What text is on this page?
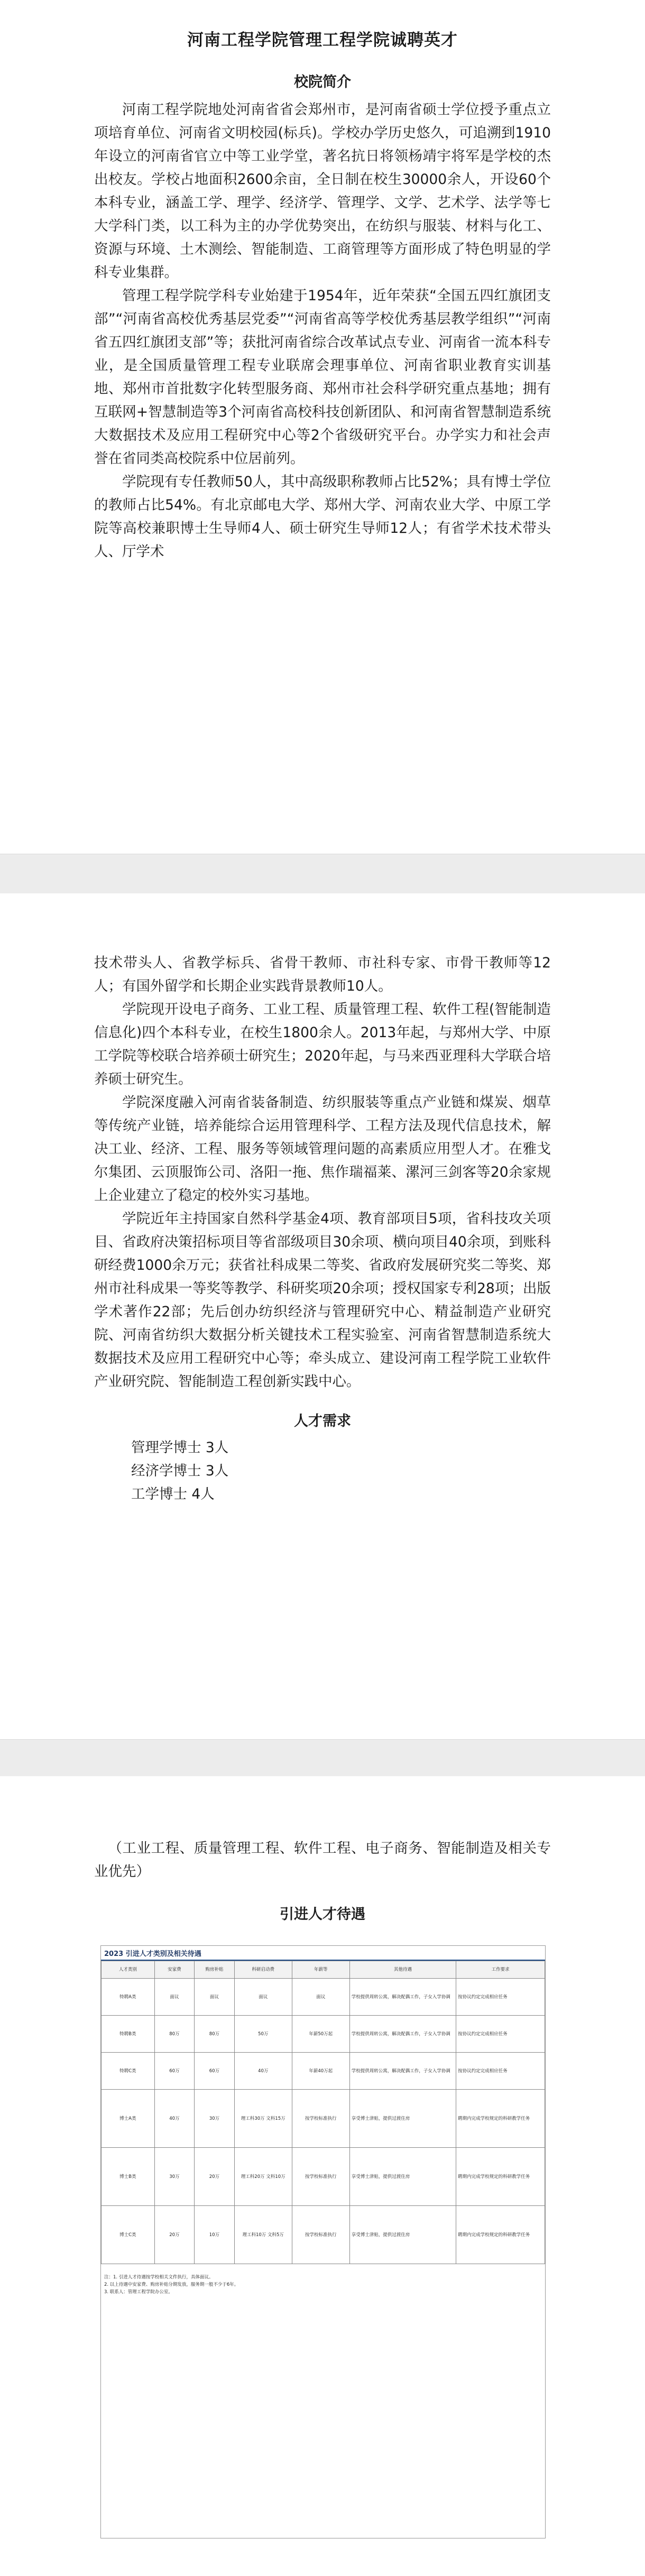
河南工程学院管理工程学院诚聘英才
校院简介

河南工程学院地处河南省省会郑州市，是河南省硕士学位授予重点立项培育单位、河南省文明校园(标兵)。学校办学历史悠久，可追溯到1910年设立的河南省官立中等工业学堂，著名抗日将领杨靖宇将军是学校的杰出校友。学校占地面积2600余亩，全日制在校生30000余人，开设60个本科专业，涵盖工学、理学、经济学、管理学、文学、艺术学、法学等七大学科门类，以工科为主的办学优势突出，在纺织与服装、材料与化工、资源与环境、土木测绘、智能制造、工商管理等方面形成了特色明显的学科专业集群。

管理工程学院学科专业始建于1954年，近年荣获“全国五四红旗团支部”“河南省高校优秀基层党委”“河南省高等学校优秀基层教学组织”“河南省五四红旗团支部”等；获批河南省综合改革试点专业、河南省一流本科专业，是全国质量管理工程专业联席会理事单位、河南省职业教育实训基地、郑州市首批数字化转型服务商、郑州市社会科学研究重点基地；拥有互联网+智慧制造等3个河南省高校科技创新团队、和河南省智慧制造系统大数据技术及应用工程研究中心等2个省级研究平台。办学实力和社会声誉在省同类高校院系中位居前列。

学院现有专任教师50人，其中高级职称教师占比52%；具有博士学位的教师占比54%。有北京邮电大学、郑州大学、河南农业大学、中原工学院等高校兼职博士生导师4人、硕士研究生导师12人；有省学术技术带头人、厅学术

技术带头人、省教学标兵、省骨干教师、市社科专家、市骨干教师等12人；有国外留学和长期企业实践背景教师10人。

学院现开设电子商务、工业工程、质量管理工程、软件工程(智能制造信息化)四个本科专业，在校生1800余人。2013年起，与郑州大学、中原工学院等校联合培养硕士研究生；2020年起，与马来西亚理科大学联合培养硕士研究生。

学院深度融入河南省装备制造、纺织服装等重点产业链和煤炭、烟草等传统产业链，培养能综合运用管理科学、工程方法及现代信息技术，解决工业、经济、工程、服务等领域管理问题的高素质应用型人才。在雅戈尔集团、云顶服饰公司、洛阳一拖、焦作瑞福莱、漯河三剑客等20余家规上企业建立了稳定的校外实习基地。

学院近年主持国家自然科学基金4项、教育部项目5项，省科技攻关项目、省政府决策招标项目等省部级项目30余项、横向项目40余项，到账科研经费1000余万元；获省社科成果二等奖、省政府发展研究奖二等奖、郑州市社科成果一等奖等教学、科研奖项20余项；授权国家专利28项；出版学术著作22部；先后创办纺织经济与管理研究中心、精益制造产业研究院、河南省纺织大数据分析关键技术工程实验室、河南省智慧制造系统大数据技术及应用工程研究中心等；牵头成立、建设河南工程学院工业软件产业研究院、智能制造工程创新实践中心。

人才需求
管理学博士 3人
经济学博士 3人
工学博士 4人

（工业工程、质量管理工程、软件工程、电子商务、智能制造及相关专业优先）

引进人才待遇
2023 引进人才类别及相关待遇
人才类别	安家费	购房补贴	科研启动费	年薪等	其他待遇	工作要求
特聘A类	面议	面议	面议	面议	学校提供周转公寓，解决配偶工作，子女入学协调	按协议约定完成相应任务
特聘B类	80万	80万	50万	年薪50万起	学校提供周转公寓，解决配偶工作，子女入学协调	按协议约定完成相应任务
特聘C类	60万	60万	40万	年薪40万起	学校提供周转公寓，解决配偶工作，子女入学协调	按协议约定完成相应任务
博士A类	40万	30万	理工科30万 文科15万	按学校标准执行	享受博士津贴，提供过渡住房	聘期内完成学校规定的科研教学任务
博士B类	30万	20万	理工科20万 文科10万	按学校标准执行	享受博士津贴，提供过渡住房	聘期内完成学校规定的科研教学任务
博士C类	20万	10万	理工科10万 文科5万	按学校标准执行	享受博士津贴，提供过渡住房	聘期内完成学校规定的科研教学任务
注：1. 引进人才待遇按学校相关文件执行，具体面议。
2. 以上待遇中安家费、购房补贴分期发放，服务期一般不少于6年。
3. 联系人：管理工程学院办公室。
